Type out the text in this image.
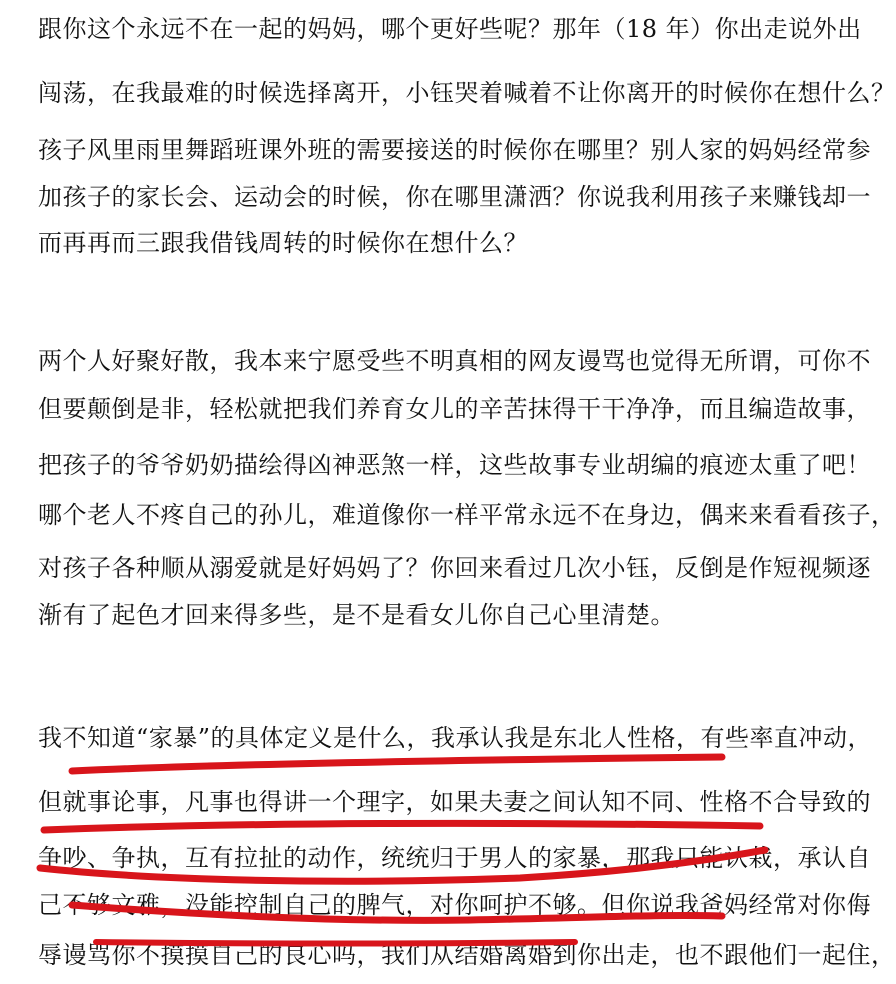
跟你这个永远不在一起的妈妈，哪个更好些呢？那年（18 年）你出走说外出
闯荡，在我最难的时候选择离开，小钰哭着喊着不让你离开的时候你在想什么？
孩子风里雨里舞蹈班课外班的需要接送的时候你在哪里？别人家的妈妈经常参
加孩子的家长会、运动会的时候，你在哪里潇洒？你说我利用孩子来赚钱却一
而再再而三跟我借钱周转的时候你在想什么？
两个人好聚好散，我本来宁愿受些不明真相的网友谩骂也觉得无所谓，可你不
但要颠倒是非，轻松就把我们养育女儿的辛苦抹得干干净净，而且编造故事，
把孩子的爷爷奶奶描绘得凶神恶煞一样，这些故事专业胡编的痕迹太重了吧！
哪个老人不疼自己的孙儿，难道像你一样平常永远不在身边，偶来来看看孩子，
对孩子各种顺从溺爱就是好妈妈了？你回来看过几次小钰，反倒是作短视频逐
渐有了起色才回来得多些，是不是看女儿你自己心里清楚。
我不知道“家暴”的具体定义是什么，我承认我是东北人性格，有些率直冲动，
但就事论事，凡事也得讲一个理字，如果夫妻之间认知不同、性格不合导致的
争吵、争执，互有拉扯的动作，统统归于男人的家暴，那我只能认栽，承认自
己不够文雅，没能控制自己的脾气，对你呵护不够。但你说我爸妈经常对你侮
辱谩骂你不摸摸自己的良心吗，我们从结婚离婚到你出走，也不跟他们一起住，
